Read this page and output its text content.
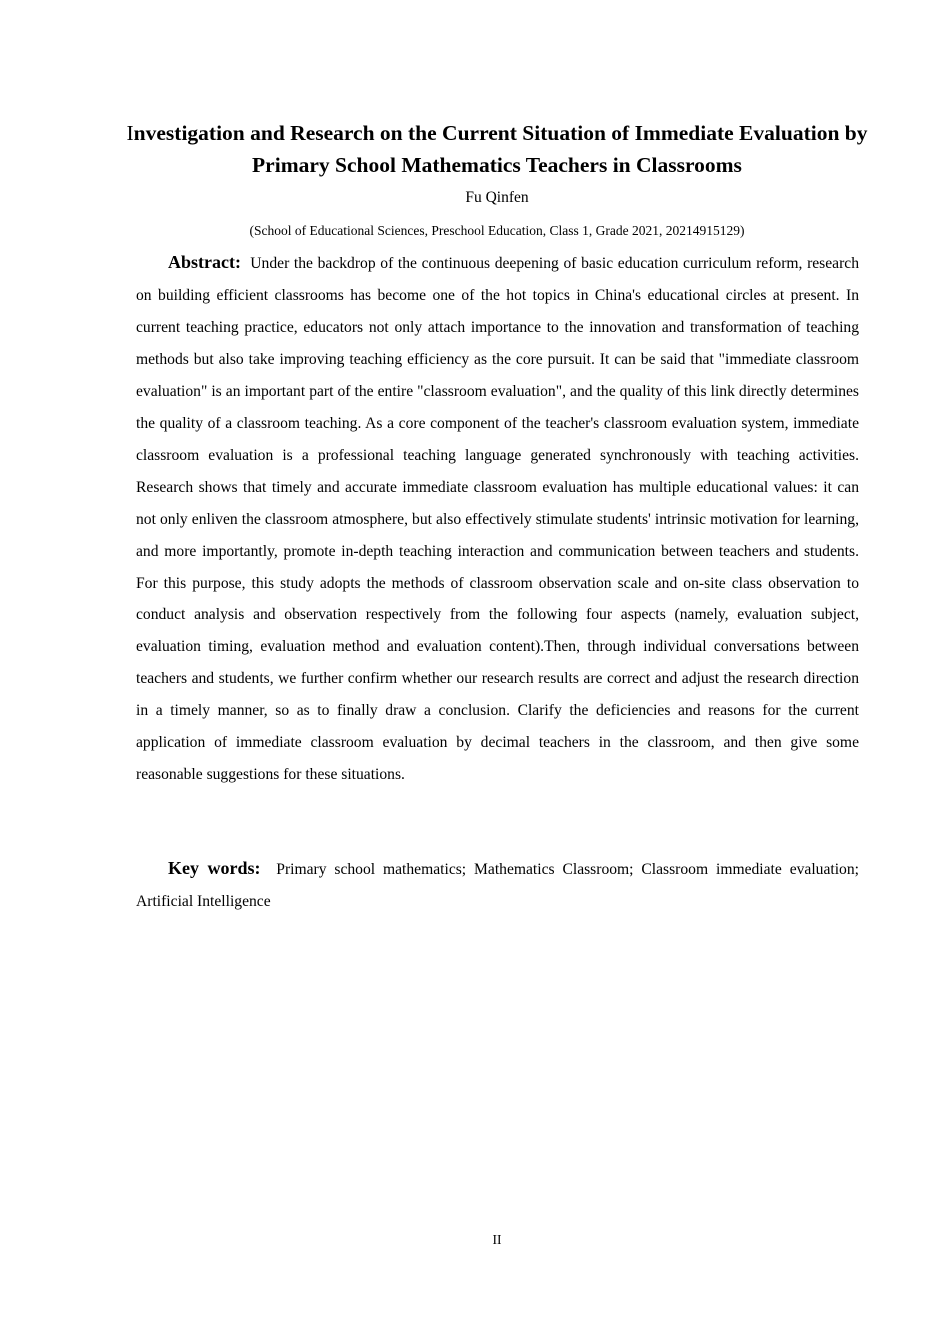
Investigation and Research on the Current Situation of Immediate Evaluation by Primary School Mathematics Teachers in Classrooms
Fu Qinfen
(School of Educational Sciences, Preschool Education, Class 1, Grade 2021, 20214915129)

Abstract: Under the backdrop of the continuous deepening of basic education curriculum reform, research on building efficient classrooms has become one of the hot topics in China's educational circles at present. In current teaching practice, educators not only attach importance to the innovation and transformation of teaching methods but also take improving teaching efficiency as the core pursuit. It can be said that "immediate classroom evaluation" is an important part of the entire "classroom evaluation", and the quality of this link directly determines the quality of a classroom teaching. As a core component of the teacher's classroom evaluation system, immediate classroom evaluation is a professional teaching language generated synchronously with teaching activities. Research shows that timely and accurate immediate classroom evaluation has multiple educational values: it can not only enliven the classroom atmosphere, but also effectively stimulate students' intrinsic motivation for learning, and more importantly, promote in-depth teaching interaction and communication between teachers and students. For this purpose, this study adopts the methods of classroom observation scale and on-site class observation to conduct analysis and observation respectively from the following four aspects (namely, evaluation subject, evaluation timing, evaluation method and evaluation content).Then, through individual conversations between teachers and students, we further confirm whether our research results are correct and adjust the research direction in a timely manner, so as to finally draw a conclusion. Clarify the deficiencies and reasons for the current application of immediate classroom evaluation by decimal teachers in the classroom, and then give some reasonable suggestions for these situations.

Key words: Primary school mathematics; Mathematics Classroom; Classroom immediate evaluation; Artificial Intelligence

II
